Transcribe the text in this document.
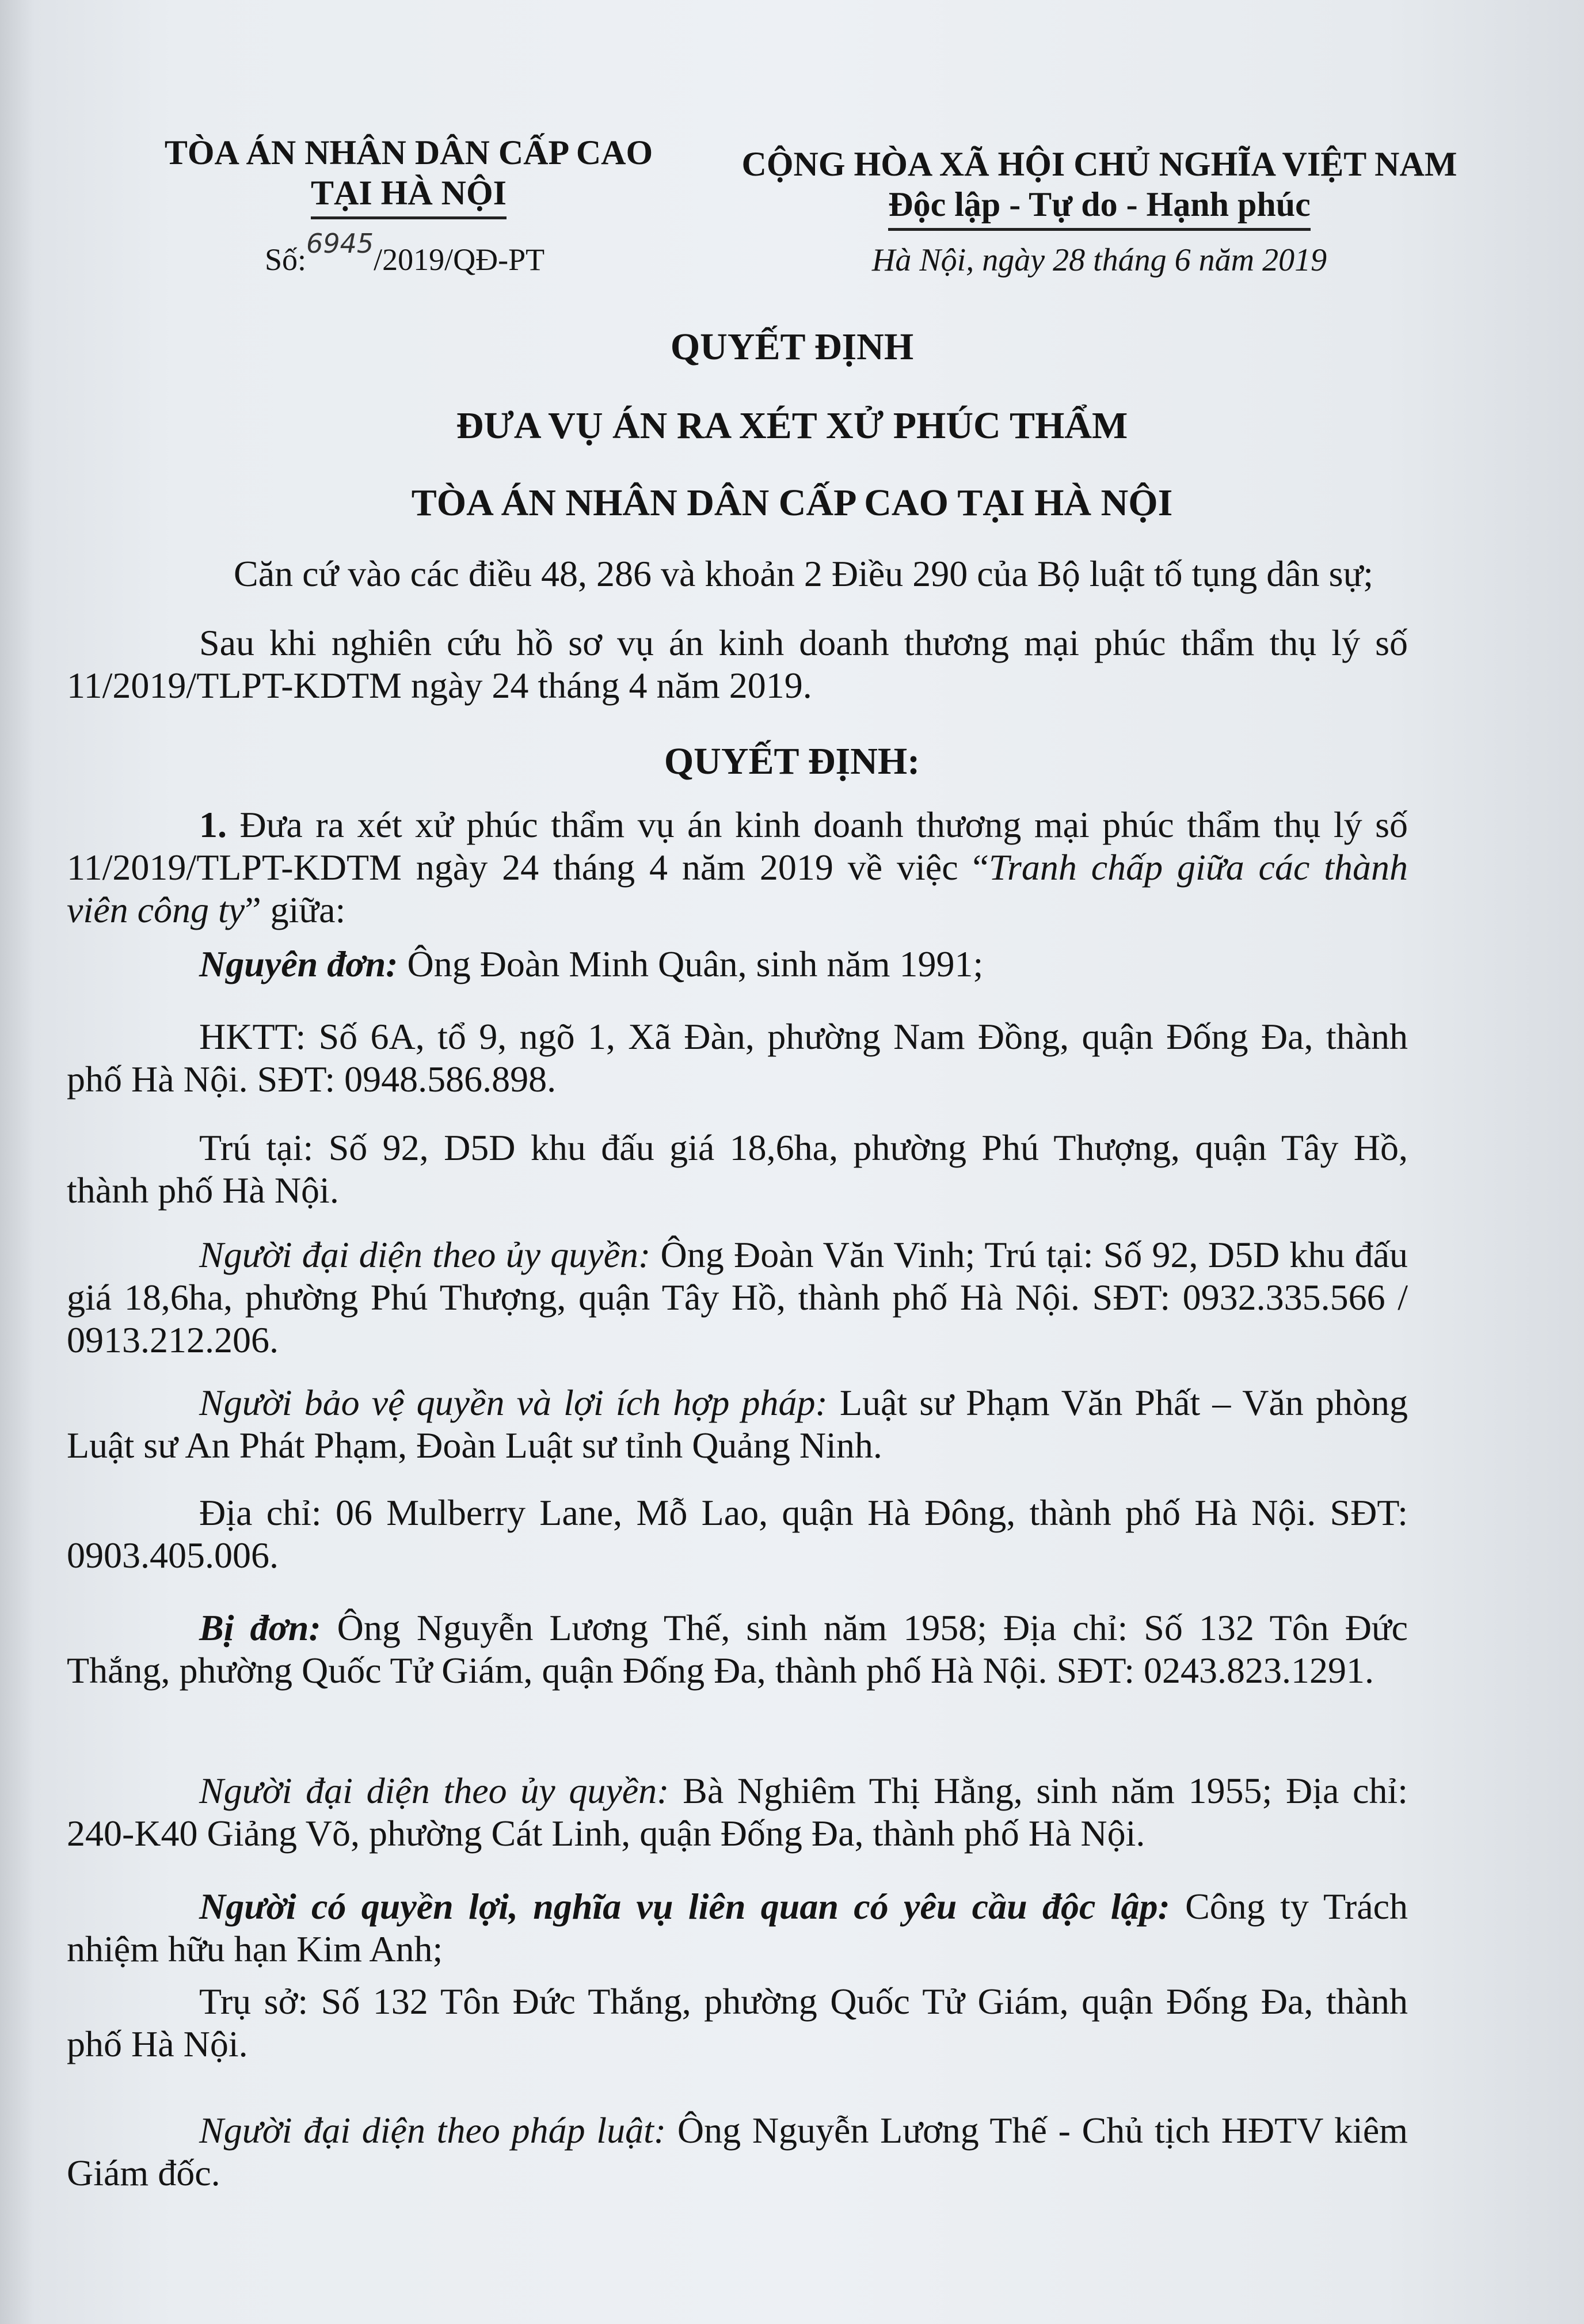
TÒA ÁN NHÂN DÂN CẤP CAO
TẠI HÀ NỘI
Số:6945/2019/QĐ-PT
CỘNG HÒA XÃ HỘI CHỦ NGHĨA VIỆT NAM
Độc lập - Tự do - Hạnh phúc
Hà Nội, ngày 28 tháng 6 năm 2019
QUYẾT ĐỊNH
ĐƯA VỤ ÁN RA XÉT XỬ PHÚC THẨM
TÒA ÁN NHÂN DÂN CẤP CAO TẠI HÀ NỘI
Căn cứ vào các điều 48, 286 và khoản 2 Điều 290 của Bộ luật tố tụng dân sự;
Sau khi nghiên cứu hồ sơ vụ án kinh doanh thương mại phúc thẩm thụ lý số 11/2019/TLPT-KDTM ngày 24 tháng 4 năm 2019.
QUYẾT ĐỊNH:
1. Đưa ra xét xử phúc thẩm vụ án kinh doanh thương mại phúc thẩm thụ lý số 11/2019/TLPT-KDTM ngày 24 tháng 4 năm 2019 về việc “Tranh chấp giữa các thành viên công ty” giữa:
Nguyên đơn: Ông Đoàn Minh Quân, sinh năm 1991;
HKTT: Số 6A, tổ 9, ngõ 1, Xã Đàn, phường Nam Đồng, quận Đống Đa, thành phố Hà Nội. SĐT: 0948.586.898.
Trú tại: Số 92, D5D khu đấu giá 18,6ha, phường Phú Thượng, quận Tây Hồ, thành phố Hà Nội.
Người đại diện theo ủy quyền: Ông Đoàn Văn Vinh; Trú tại: Số 92, D5D khu đấu giá 18,6ha, phường Phú Thượng, quận Tây Hồ, thành phố Hà Nội. SĐT: 0932.335.566 / 0913.212.206.
Người bảo vệ quyền và lợi ích hợp pháp: Luật sư Phạm Văn Phất – Văn phòng Luật sư An Phát Phạm, Đoàn Luật sư tỉnh Quảng Ninh.
Địa chỉ: 06 Mulberry Lane, Mỗ Lao, quận Hà Đông, thành phố Hà Nội. SĐT: 0903.405.006.
Bị đơn: Ông Nguyễn Lương Thế, sinh năm 1958; Địa chỉ: Số 132 Tôn Đức Thắng, phường Quốc Tử Giám, quận Đống Đa, thành phố Hà Nội. SĐT: 0243.823.1291.
Người đại diện theo ủy quyền: Bà Nghiêm Thị Hằng, sinh năm 1955; Địa chỉ: 240-K40 Giảng Võ, phường Cát Linh, quận Đống Đa, thành phố Hà Nội.
Người có quyền lợi, nghĩa vụ liên quan có yêu cầu độc lập: Công ty Trách nhiệm hữu hạn Kim Anh;
Trụ sở: Số 132 Tôn Đức Thắng, phường Quốc Tử Giám, quận Đống Đa, thành phố Hà Nội.
Người đại diện theo pháp luật: Ông Nguyễn Lương Thế - Chủ tịch HĐTV kiêm Giám đốc.
